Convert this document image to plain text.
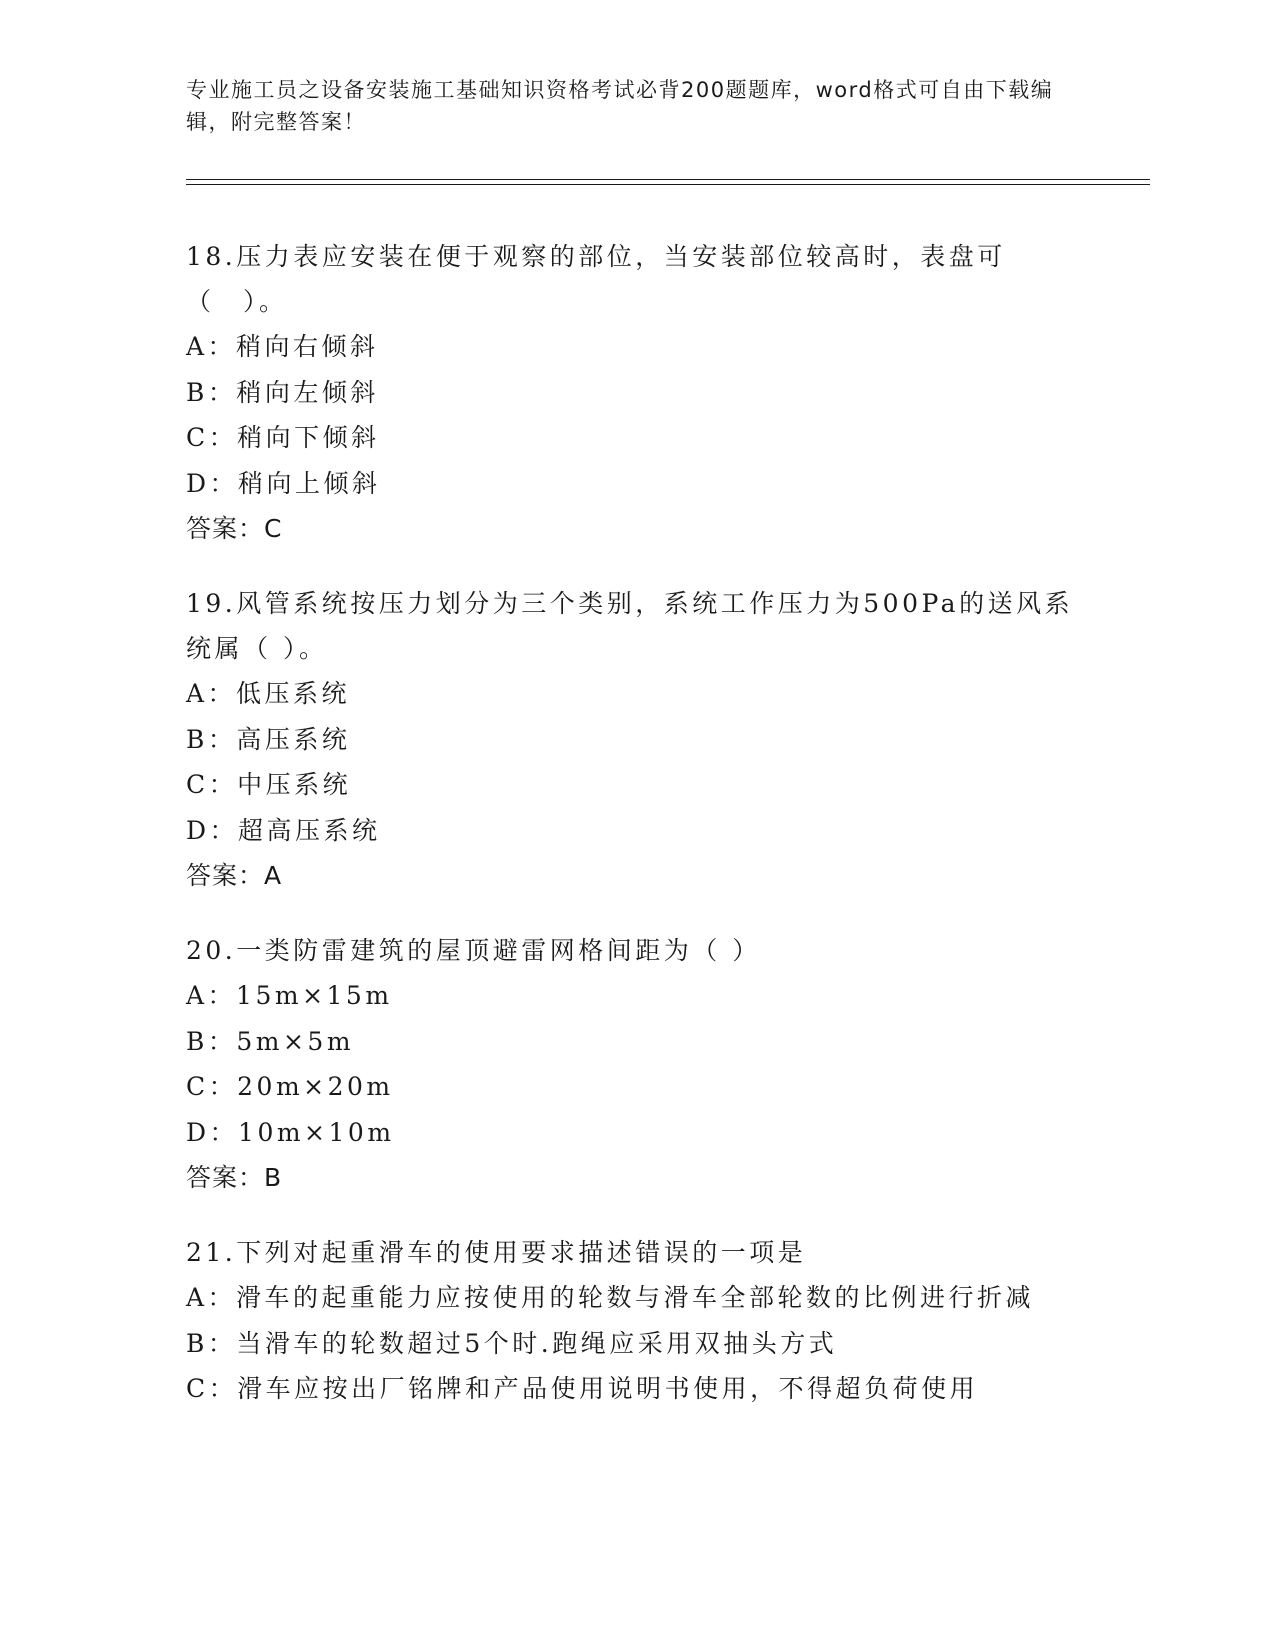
专业施工员之设备安装施工基础知识资格考试必背200题题库，word格式可自由下载编辑，附完整答案！
18.压力表应安装在便于观察的部位，当安装部位较高时，表盘可（　）。
A：稍向右倾斜
B：稍向左倾斜
C：稍向下倾斜
D：稍向上倾斜
答案：C
19.风管系统按压力划分为三个类别，系统工作压力为500Pa的送风系统属（ ）。
A：低压系统
B：高压系统
C：中压系统
D：超高压系统
答案：A
20.一类防雷建筑的屋顶避雷网格间距为（ ）
A：15m×15m
B：5m×5m
C：20m×20m
D：10m×10m
答案：B
21.下列对起重滑车的使用要求描述错误的一项是
A：滑车的起重能力应按使用的轮数与滑车全部轮数的比例进行折减
B：当滑车的轮数超过5个时.跑绳应采用双抽头方式
C：滑车应按出厂铭牌和产品使用说明书使用，不得超负荷使用
